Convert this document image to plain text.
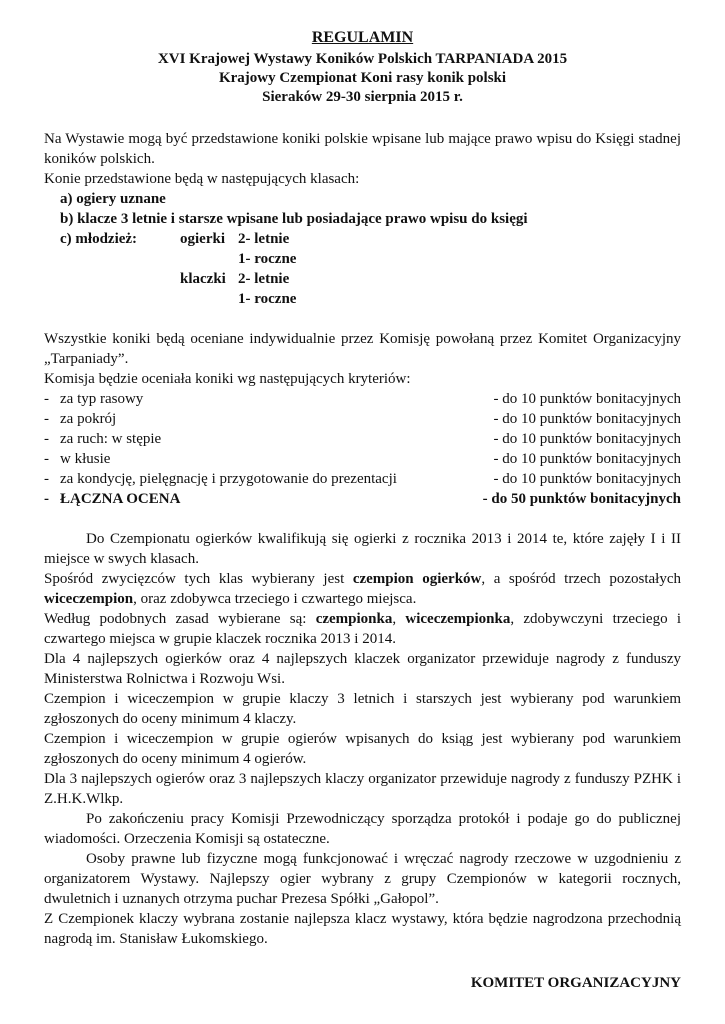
REGULAMIN
XVI Krajowej Wystawy Koników Polskich TARPANIADA 2015
Krajowy Czempionat Koni rasy konik polski
Sieraków 29-30 sierpnia 2015 r.

Na Wystawie mogą być przedstawione koniki polskie wpisane lub mające prawo wpisu do Księgi stadnej koników polskich.

Konie przedstawione będą w następujących klasach:

a) ogiery uznane
b) klacze 3 letnie i starsze wpisane lub posiadające prawo wpisu do księgi
c) młodzież:	ogierki 2- letnie
1- roczne
klaczki 2- letnie
1- roczne

Wszystkie koniki będą oceniane indywidualnie przez Komisję powołaną przez Komitet Organizacyjny „Tarpaniady”.

Komisja będzie oceniała koniki wg następujących kryteriów:

- za typ rasowy	- do 10 punktów bonitacyjnych
- za pokrój	- do 10 punktów bonitacyjnych
- za ruch: w stępie	- do 10 punktów bonitacyjnych
- w kłusie	- do 10 punktów bonitacyjnych
- za kondycję, pielęgnację i przygotowanie do prezentacji	- do 10 punktów bonitacyjnych
- ŁĄCZNA OCENA	- do 50 punktów bonitacyjnych

Do Czempionatu ogierków kwalifikują się ogierki z rocznika 2013 i 2014 te, które zajęły I i II miejsce w swych klasach.

Spośród zwycięzców tych klas wybierany jest czempion ogierków, a spośród trzech pozostałych wiceczempion, oraz zdobywca trzeciego i czwartego miejsca.

Według podobnych zasad wybierane są: czempionka, wiceczempionka, zdobywczyni trzeciego i czwartego miejsca w grupie klaczek rocznika 2013 i 2014.

Dla 4 najlepszych ogierków oraz 4 najlepszych klaczek organizator przewiduje nagrody z funduszy Ministerstwa Rolnictwa i Rozwoju Wsi.

Czempion i wiceczempion w grupie klaczy 3 letnich i starszych jest wybierany pod warunkiem zgłoszonych do oceny minimum 4 klaczy.

Czempion i wiceczempion w grupie ogierów wpisanych do ksiąg jest wybierany pod warunkiem zgłoszonych do oceny minimum 4 ogierów.

Dla 3 najlepszych ogierów oraz 3 najlepszych klaczy organizator przewiduje nagrody z funduszy PZHK i Z.H.K.Wlkp.

Po zakończeniu pracy Komisji Przewodniczący sporządza protokół i podaje go do publicznej wiadomości. Orzeczenia Komisji są ostateczne.

Osoby prawne lub fizyczne mogą funkcjonować i wręczać nagrody rzeczowe w uzgodnieniu z organizatorem Wystawy. Najlepszy ogier wybrany z grupy Czempionów w kategorii rocznych, dwuletnich i uznanych otrzyma puchar Prezesa Spółki „Gałopol”.

Z Czempionek klaczy wybrana zostanie najlepsza klacz wystawy, która będzie nagrodzona przechodnią nagrodą im. Stanisław Łukomskiego.

KOMITET ORGANIZACYJNY
